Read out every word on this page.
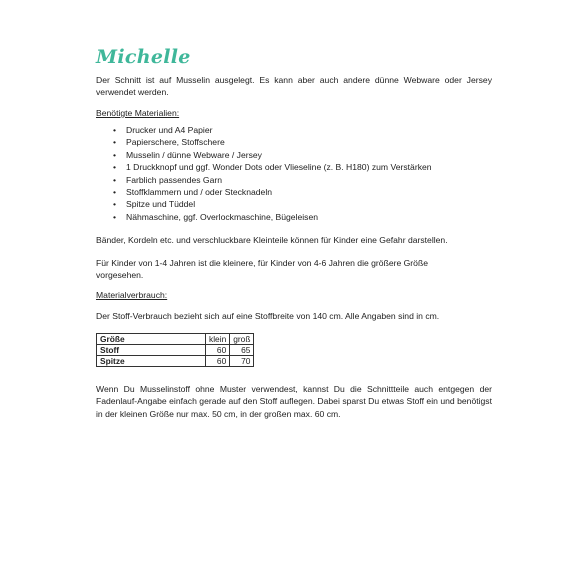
Michelle

Der Schnitt ist auf Musselin ausgelegt. Es kann aber auch andere dünne Webware oder Jersey verwendet werden.

Benötigte Materialien:

• Drucker und A4 Papier
• Papierschere, Stoffschere
• Musselin / dünne Webware / Jersey
• 1 Druckknopf und ggf. Wonder Dots oder Vlieseline (z. B. H180) zum Verstärken
• Farblich passendes Garn
• Stoffklammern und / oder Stecknadeln
• Spitze und Tüddel
• Nähmaschine, ggf. Overlockmaschine, Bügeleisen

Bänder, Kordeln etc. und verschluckbare Kleinteile können für Kinder eine Gefahr darstellen.

Für Kinder von 1-4 Jahren ist die kleinere, für Kinder von 4-6 Jahren die größere Größe vorgesehen.

Materialverbrauch:

Der Stoff-Verbrauch bezieht sich auf eine Stoffbreite von 140 cm. Alle Angaben sind in cm.

Größe	klein	groß
Stoff	60	65
Spitze	60	70

Wenn Du Musselinstoff ohne Muster verwendest, kannst Du die Schnittteile auch entgegen der Fadenlauf-Angabe einfach gerade auf den Stoff auflegen. Dabei sparst Du etwas Stoff ein und benötigst in der kleinen Größe nur max. 50 cm, in der großen max. 60 cm.
